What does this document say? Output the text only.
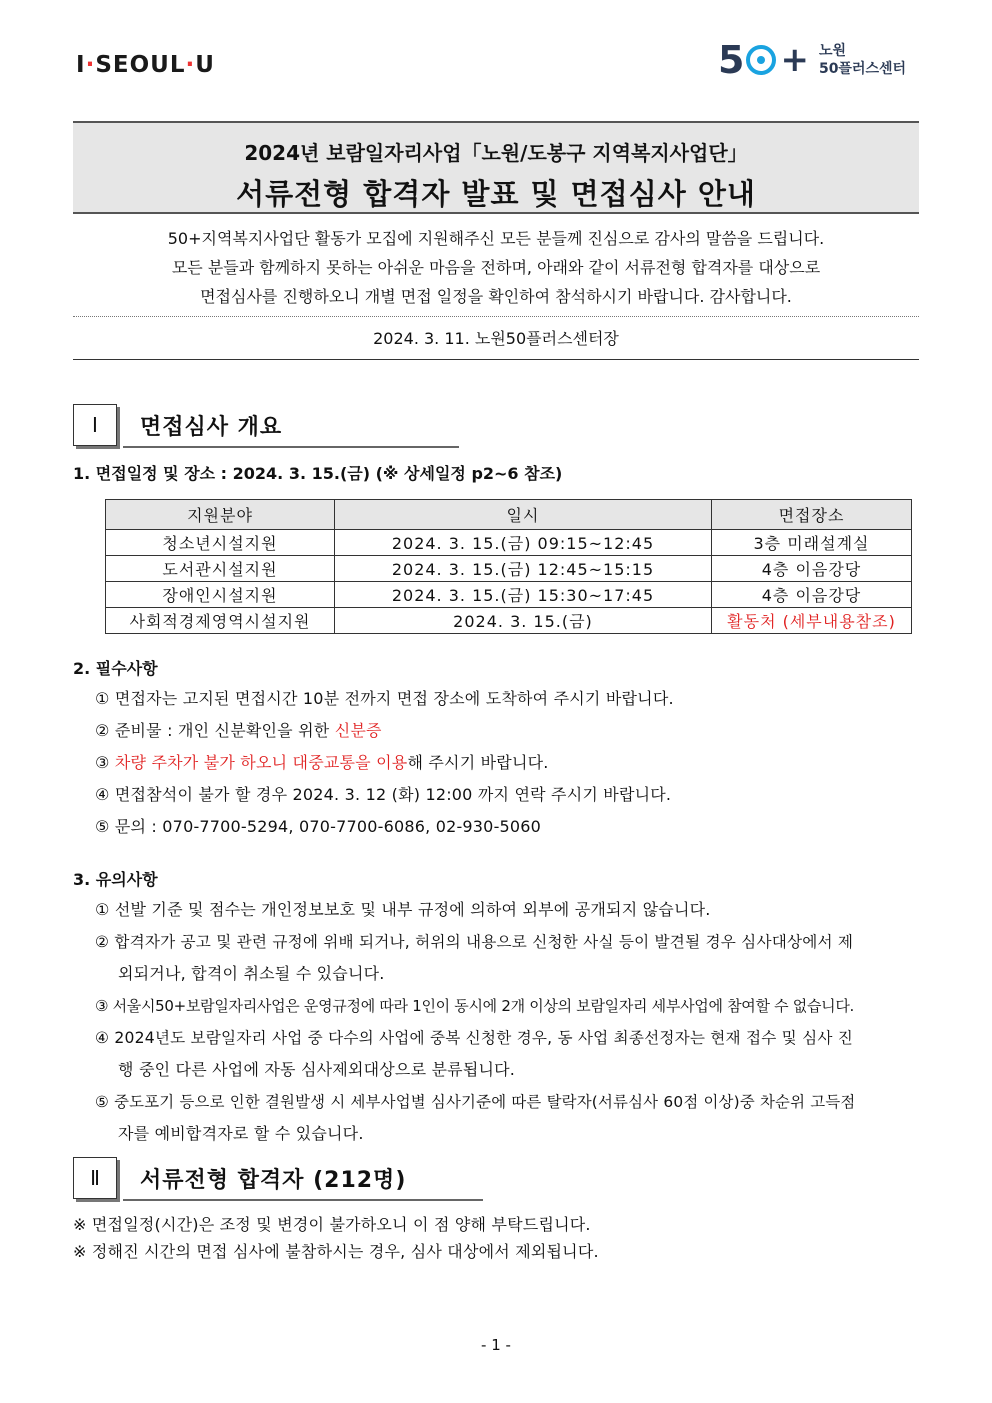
I·SEOUL·U	5 + 노원
50플러스센터
2024년 보람일자리사업「노원/도봉구 지역복지사업단」
서류전형 합격자 발표 및 면접심사 안내
50+지역복지사업단 활동가 모집에 지원해주신 모든 분들께 진심으로 감사의 말씀을 드립니다.
모든 분들과 함께하지 못하는 아쉬운 마음을 전하며, 아래와 같이 서류전형 합격자를 대상으로
면접심사를 진행하오니 개별 면접 일정을 확인하여 참석하시기 바랍니다. 감사합니다.
2024. 3. 11. 노원50플러스센터장
Ⅰ	면접심사 개요
1. 면접일정 및 장소 : 2024. 3. 15.(금) (※ 상세일정 p2~6 참조)
지원분야	일시	면접장소
청소년시설지원	2024. 3. 15.(금) 09:15~12:45	3층 미래설계실
도서관시설지원	2024. 3. 15.(금) 12:45~15:15	4층 이음강당
장애인시설지원	2024. 3. 15.(금) 15:30~17:45	4층 이음강당
사회적경제영역시설지원	2024. 3. 15.(금)	활동처 (세부내용참조)
2. 필수사항
① 면접자는 고지된 면접시간 10분 전까지 면접 장소에 도착하여 주시기 바랍니다.
② 준비물 : 개인 신분확인을 위한 신분증
③ 차량 주차가 불가 하오니 대중교통을 이용해 주시기 바랍니다.
④ 면접참석이 불가 할 경우 2024. 3. 12 (화) 12:00 까지 연락 주시기 바랍니다.
⑤ 문의 : 070-7700-5294, 070-7700-6086, 02-930-5060
3. 유의사항
① 선발 기준 및 점수는 개인정보보호 및 내부 규정에 의하여 외부에 공개되지 않습니다.
② 합격자가 공고 및 관련 규정에 위배 되거나, 허위의 내용으로 신청한 사실 등이 발견될 경우 심사대상에서 제
외되거나, 합격이 취소될 수 있습니다.
③ 서울시50+보람일자리사업은 운영규정에 따라 1인이 동시에 2개 이상의 보람일자리 세부사업에 참여할 수 없습니다.
④ 2024년도 보람일자리 사업 중 다수의 사업에 중복 신청한 경우, 동 사업 최종선정자는 현재 접수 및 심사 진
행 중인 다른 사업에 자동 심사제외대상으로 분류됩니다.
⑤ 중도포기 등으로 인한 결원발생 시 세부사업별 심사기준에 따른 탈락자(서류심사 60점 이상)중 차순위 고득점
자를 예비합격자로 할 수 있습니다.
Ⅱ	서류전형 합격자 (212명)
※ 면접일정(시간)은 조정 및 변경이 불가하오니 이 점 양해 부탁드립니다.
※ 정해진 시간의 면접 심사에 불참하시는 경우, 심사 대상에서 제외됩니다.
- 1 -
